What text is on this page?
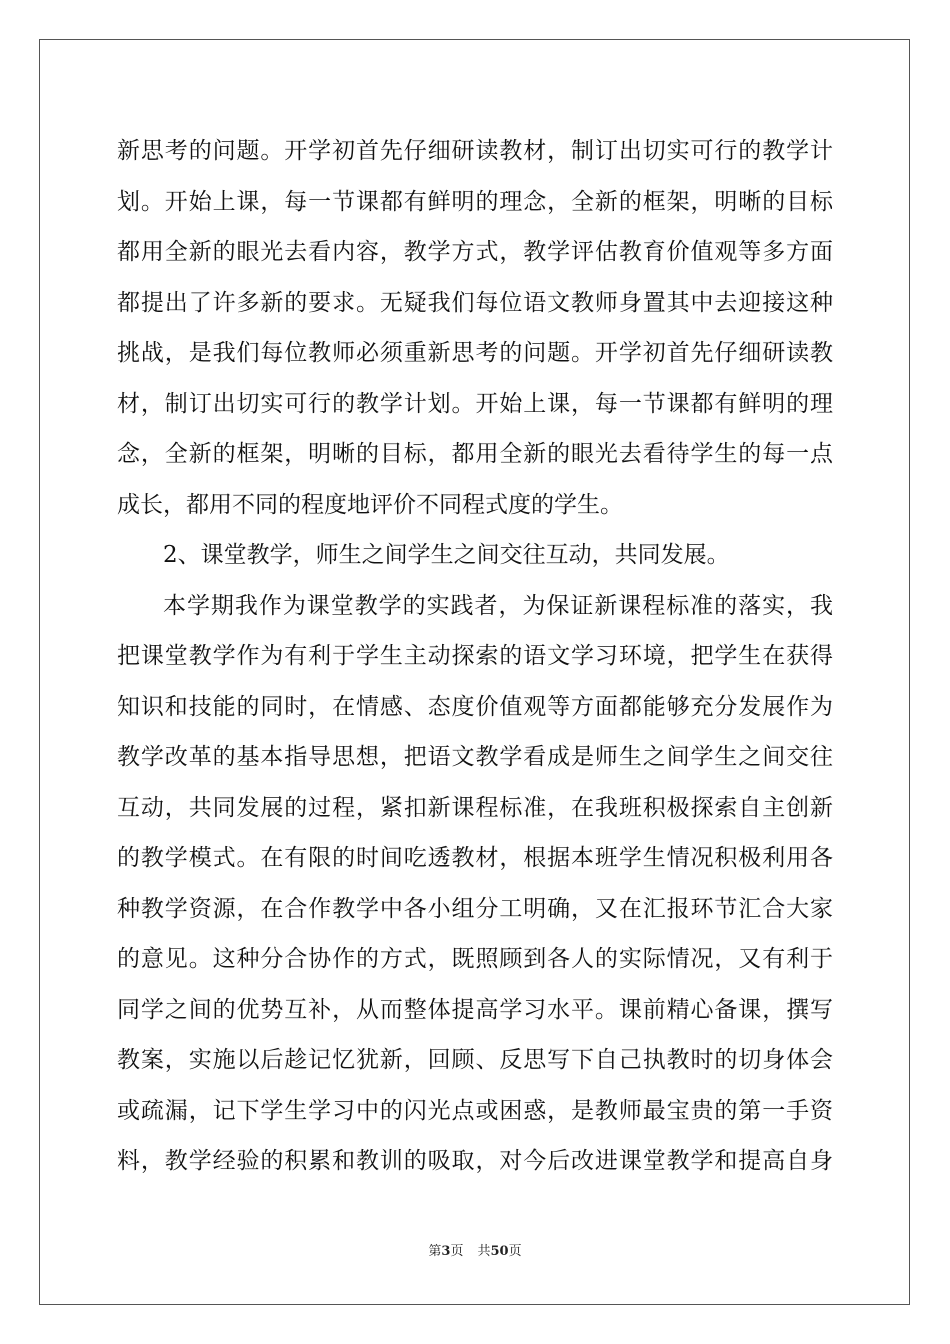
新思考的问题。开学初首先仔细研读教材，制订出切实可行的教学计
划。开始上课，每一节课都有鲜明的理念，全新的框架，明晰的目标
都用全新的眼光去看内容，教学方式，教学评估教育价值观等多方面
都提出了许多新的要求。无疑我们每位语文教师身置其中去迎接这种
挑战，是我们每位教师必须重新思考的问题。开学初首先仔细研读教
材，制订出切实可行的教学计划。开始上课，每一节课都有鲜明的理
念，全新的框架，明晰的目标，都用全新的眼光去看待学生的每一点
成长，都用不同的程度地评价不同程式度的学生。
2、课堂教学，师生之间学生之间交往互动，共同发展。
本学期我作为课堂教学的实践者，为保证新课程标准的落实，我
把课堂教学作为有利于学生主动探索的语文学习环境，把学生在获得
知识和技能的同时，在情感、态度价值观等方面都能够充分发展作为
教学改革的基本指导思想，把语文教学看成是师生之间学生之间交往
互动，共同发展的过程，紧扣新课程标准，在我班积极探索自主创新
的教学模式。在有限的时间吃透教材，根据本班学生情况积极利用各
种教学资源，在合作教学中各小组分工明确，又在汇报环节汇合大家
的意见。这种分合协作的方式，既照顾到各人的实际情况，又有利于
同学之间的优势互补，从而整体提高学习水平。课前精心备课，撰写
教案，实施以后趁记忆犹新，回顾、反思写下自己执教时的切身体会
或疏漏，记下学生学习中的闪光点或困惑，是教师最宝贵的第一手资
料，教学经验的积累和教训的吸取，对今后改进课堂教学和提高自身
第3页 共50页
